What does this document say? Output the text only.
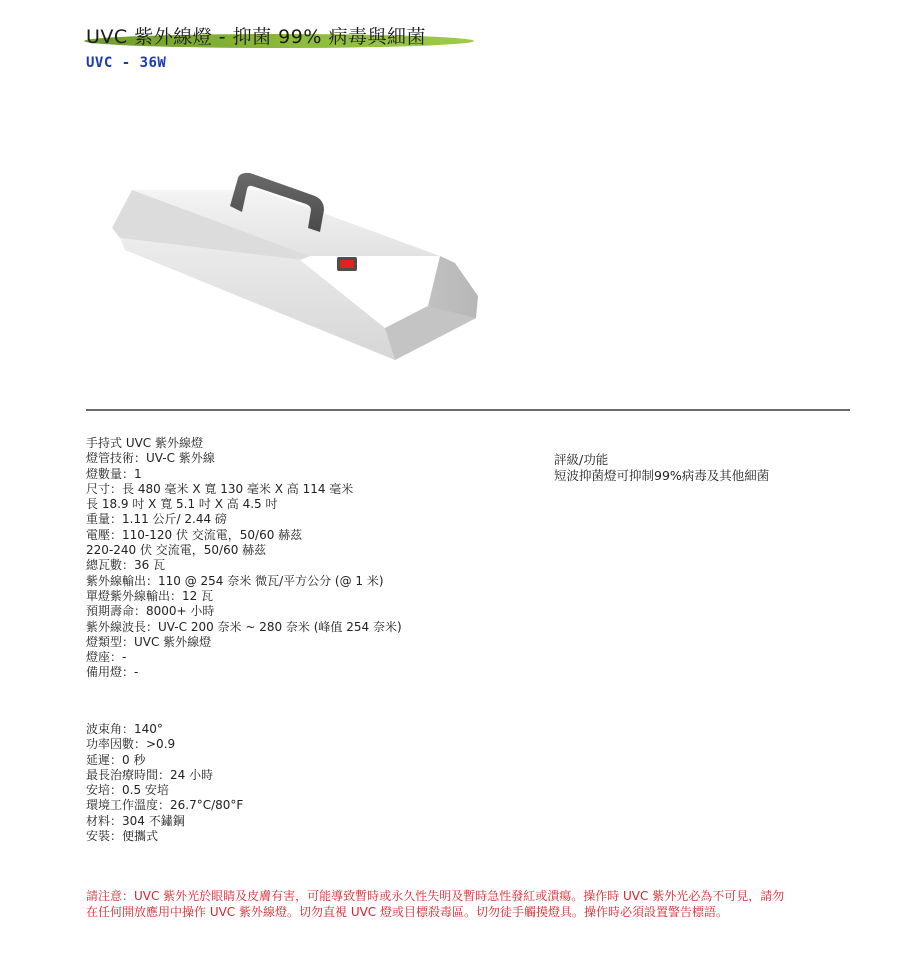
UVC 紫外線燈 - 抑菌 99% 病毒與細菌
UVC - 36W
手持式 UVC 紫外線燈
燈管技術：UV-C 紫外線
燈數量：1
尺寸：長 480 毫米 X 寬 130 毫米 X 高 114 毫米
長 18.9 吋 X 寬 5.1 吋 X 高 4.5 吋
重量：1.11 公斤/ 2.44 磅
電壓：110-120 伏 交流電，50/60 赫茲
220-240 伏 交流電，50/60 赫茲
總瓦數：36 瓦
紫外線輸出：110 @ 254 奈米 微瓦/平方公分 (@ 1 米)
單燈紫外線輸出：12 瓦
預期壽命：8000+ 小時
紫外線波長：UV-C 200 奈米 ~ 280 奈米 (峰值 254 奈米)
燈類型：UVC 紫外線燈
燈座：-
備用燈：-
波束角：140°
功率因數：>0.9
延遲：0 秒
最長治療時間：24 小時
安培：0.5 安培
環境工作溫度：26.7°C/80°F
材料：304 不鏽鋼
安裝：便攜式
評級/功能
短波抑菌燈可抑制99%病毒及其他細菌
請注意：UVC 紫外光於眼睛及皮膚有害，可能導致暫時或永久性失明及暫時急性發紅或潰瘍。操作時 UVC 紫外光必為不可見，請勿
在任何開放應用中操作 UVC 紫外線燈。切勿直視 UVC 燈或目標殺毒區。切勿徒手觸摸燈具。操作時必須設置警告標語。
